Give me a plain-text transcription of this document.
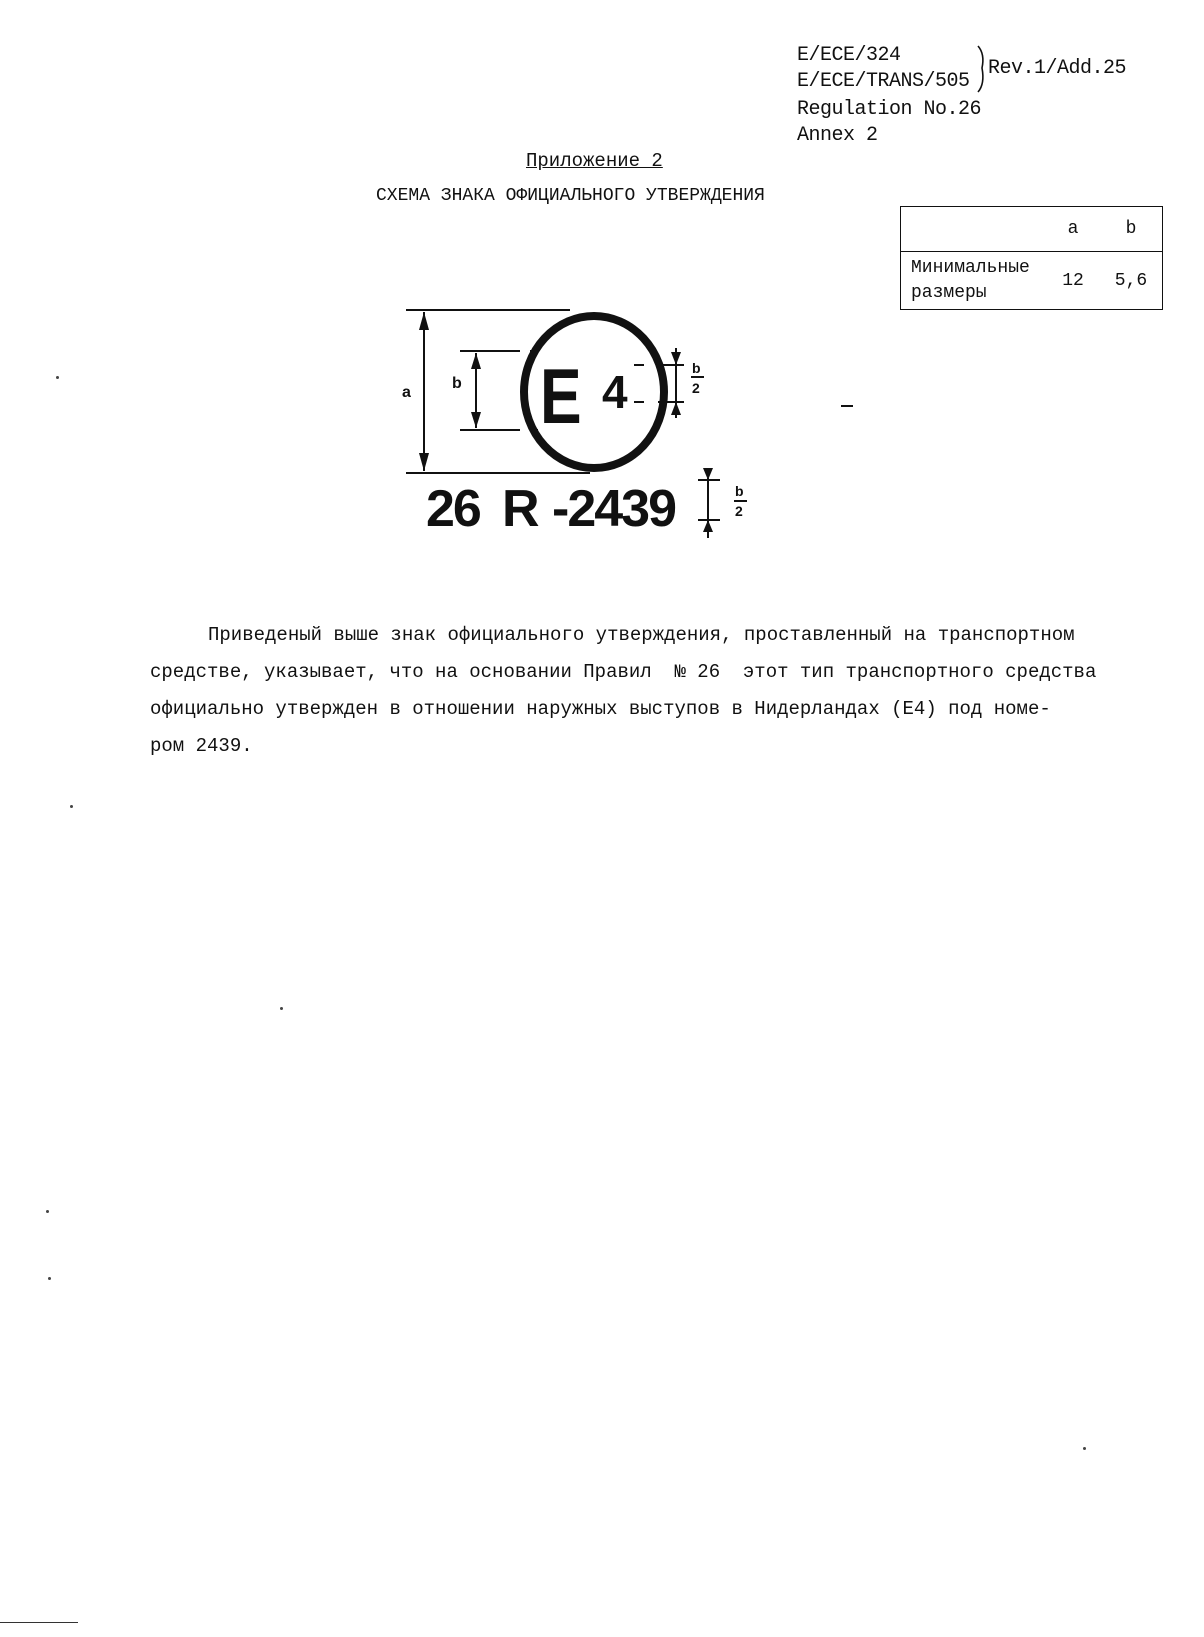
E/ECE/324
E/ECE/TRANS/505
Rev.1/Add.25
Regulation No.26
Annex 2
Приложение 2
СХЕМА ЗНАКА ОФИЦИАЛЬНОГО УТВЕРЖДЕНИЯ
	a	b

Минимальные
размеры	12	5,6
a
b E 4	b
2
26 R -2439	b
2
Приведеный выше знак официального утверждения, проставленный на транспортном
средстве, указывает, что на основании Правил  № 26  этот тип транспортного средства
официально утвержден в отношении наружных выступов в Нидерландах (Е4) под номе-
ром 2439.
